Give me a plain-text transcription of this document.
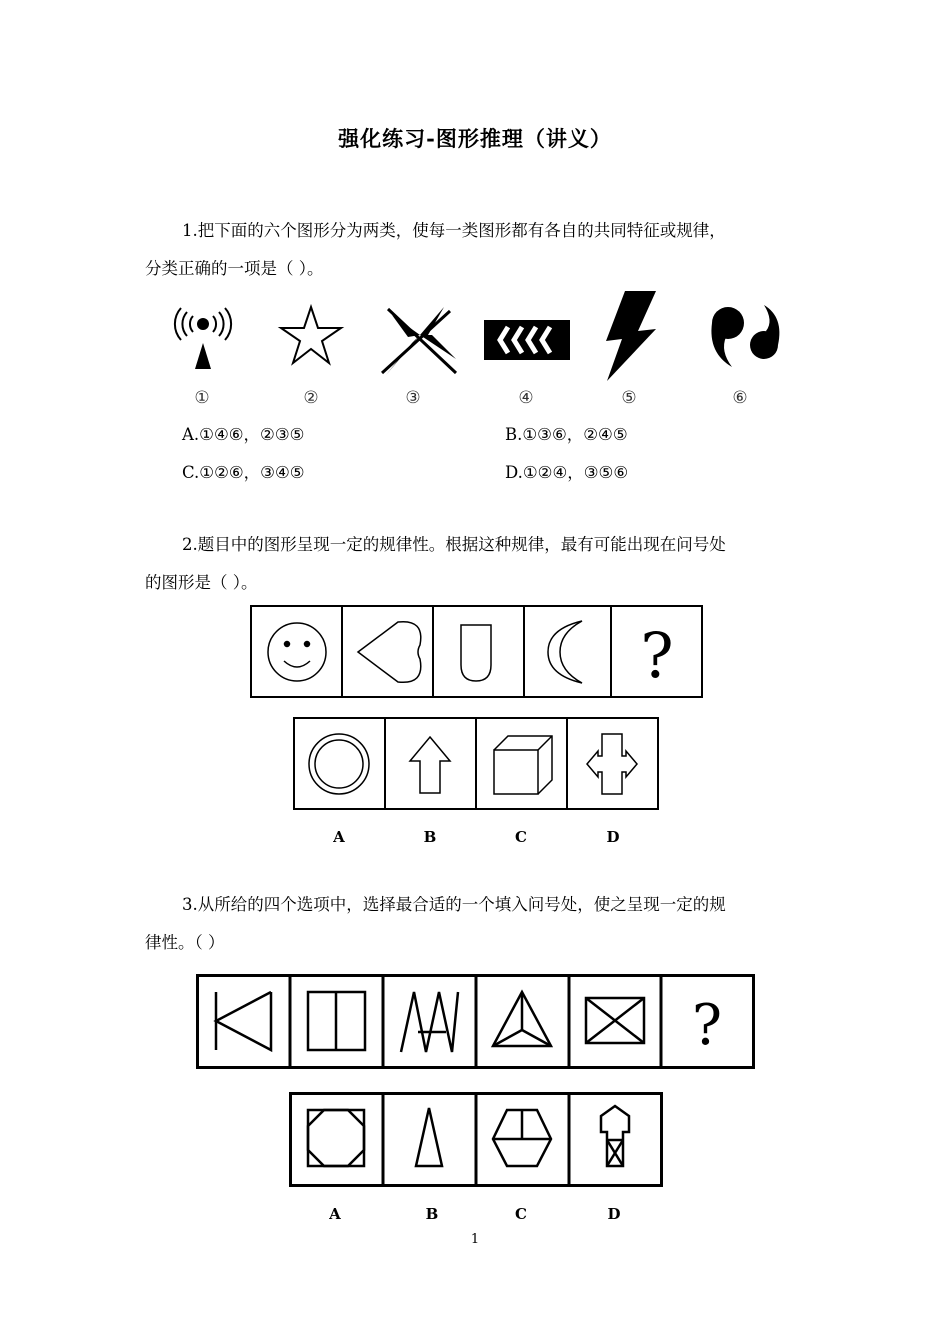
强化练习-图形推理（讲义）
1.把下面的六个图形分为两类，使每一类图形都有各自的共同特征或规律，
分类正确的一项是（ ）。
①	②	③	④	⑤	⑥
A.①④⑥，②③⑤	B.①③⑥，②④⑤
C.①②⑥，③④⑤	D.①②④，③⑤⑥
2.题目中的图形呈现一定的规律性。根据这种规律，最有可能出现在问号处
的图形是（ ）。
?
A	B	C	D
3.从所给的四个选项中，选择最合适的一个填入问号处，使之呈现一定的规
律性。（ ）
?
A	B	C	D
1
